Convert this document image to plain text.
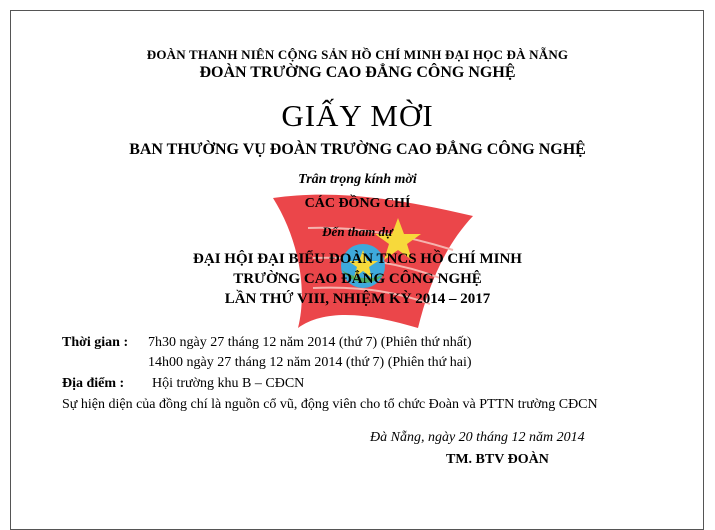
ĐOÀN THANH NIÊN CỘNG SẢN HỒ CHÍ MINH ĐẠI HỌC ĐÀ NẴNG
ĐOÀN TRƯỜNG CAO ĐẲNG CÔNG NGHỆ
GIẤY MỜI
BAN THƯỜNG VỤ ĐOÀN TRƯỜNG CAO ĐẲNG CÔNG NGHỆ
Trân trọng kính mời
CÁC ĐỒNG CHÍ
Đến tham dự
ĐẠI HỘI ĐẠI BIỂU ĐOÀN TNCS HỒ CHÍ MINH
TRƯỜNG CAO ĐẲNG CÔNG NGHỆ
LẦN THỨ VIII, NHIỆM KỲ 2014 – 2017
Thời gian : 7h30 ngày 27 tháng 12 năm 2014 (thứ 7) (Phiên thứ nhất)
14h00 ngày 27 tháng 12 năm 2014 (thứ 7) (Phiên thứ hai)
Địa điểm : Hội trường khu B – CĐCN
Sự hiện diện của đồng chí là nguồn cổ vũ, động viên cho tổ chức Đoàn và PTTN trường CĐCN
Đà Nẵng, ngày 20 tháng 12 năm 2014
TM. BTV ĐOÀN
